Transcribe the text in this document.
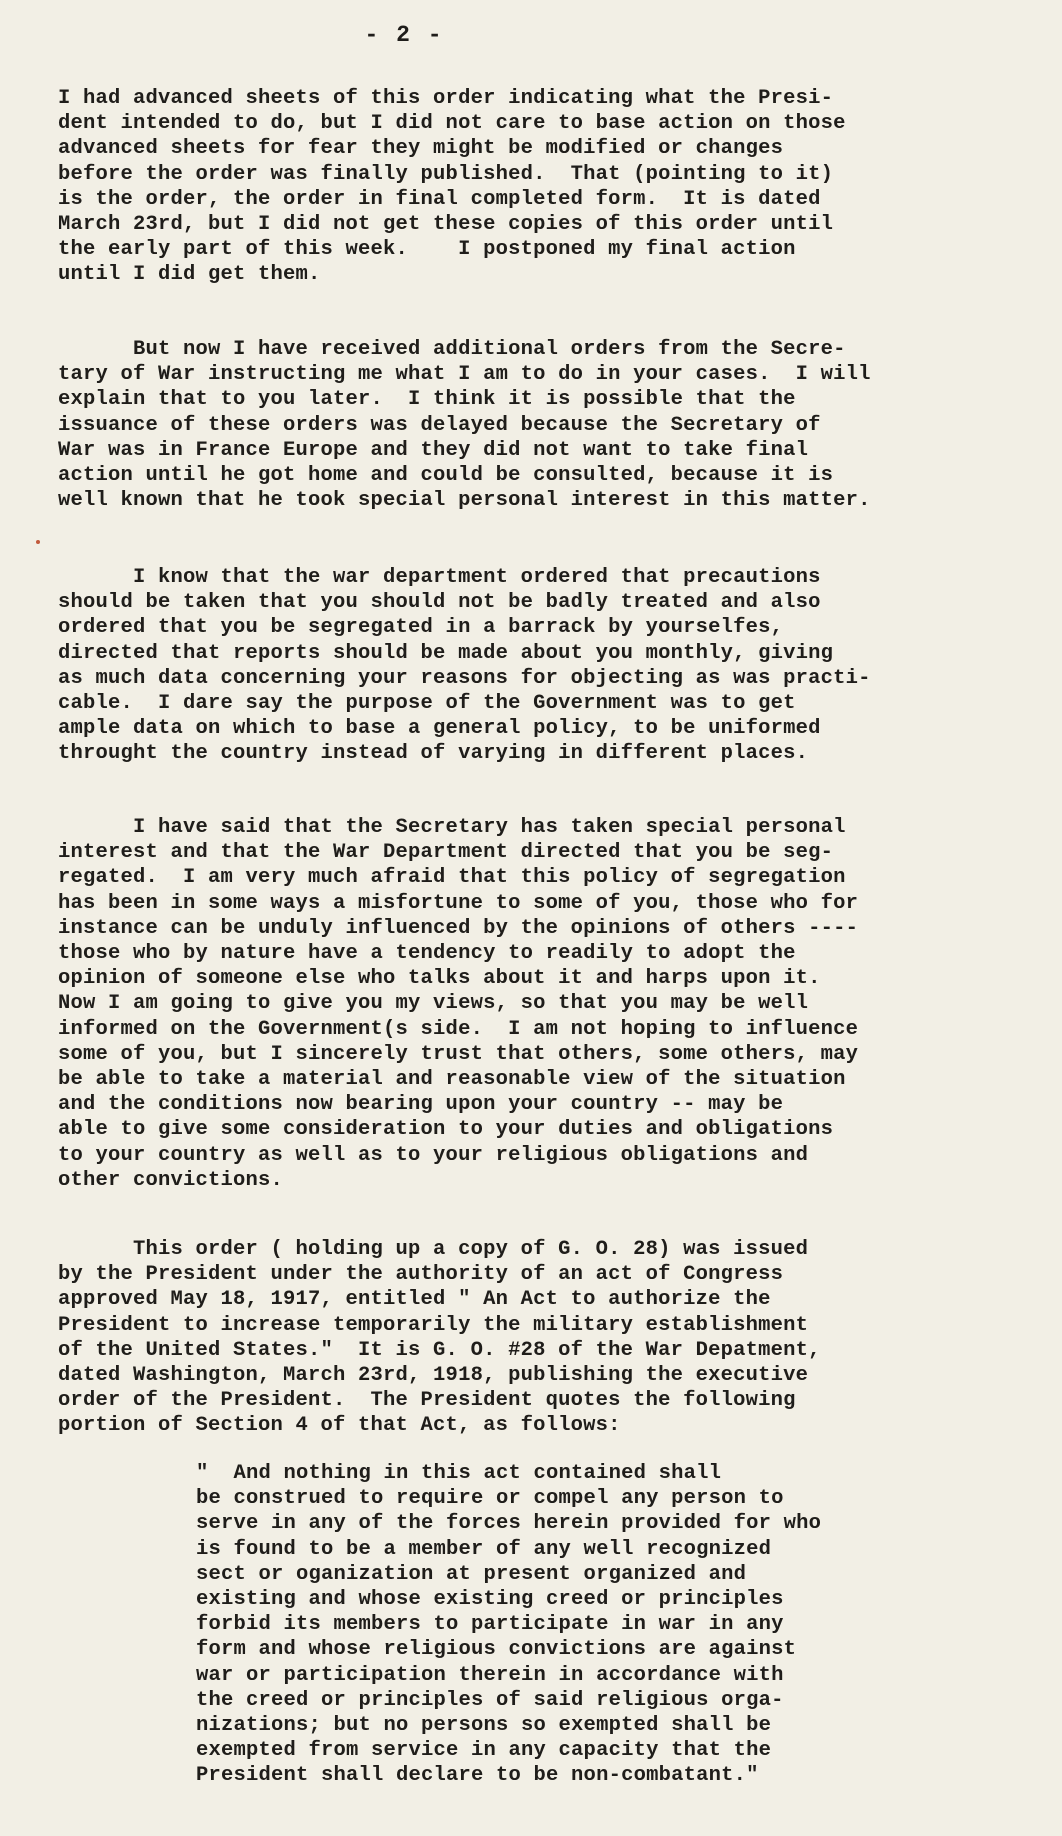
- 2 -

I had advanced sheets of this order indicating what the Presi-
dent intended to do, but I did not care to base action on those
advanced sheets for fear they might be modified or changes
before the order was finally published.  That (pointing to it)
is the order, the order in final completed form.  It is dated
March 23rd, but I did not get these copies of this order until
the early part of this week.    I postponed my final action
until I did get them.

But now I have received additional orders from the Secre-
tary of War instructing me what I am to do in your cases.  I will
explain that to you later.  I think it is possible that the
issuance of these orders was delayed because the Secretary of
War was in France Europe and they did not want to take final
action until he got home and could be consulted, because it is
well known that he took special personal interest in this matter.

I know that the war department ordered that precautions
should be taken that you should not be badly treated and also
ordered that you be segregated in a barrack by yourselfes,
directed that reports should be made about you monthly, giving
as much data concerning your reasons for objecting as was practi-
cable.  I dare say the purpose of the Government was to get
ample data on which to base a general policy, to be uniformed
throught the country instead of varying in different places.

I have said that the Secretary has taken special personal
interest and that the War Department directed that you be seg-
regated.  I am very much afraid that this policy of segregation
has been in some ways a misfortune to some of you, those who for
instance can be unduly influenced by the opinions of others ----
those who by nature have a tendency to readily to adopt the
opinion of someone else who talks about it and harps upon it.
Now I am going to give you my views, so that you may be well
informed on the Government(s side.  I am not hoping to influence
some of you, but I sincerely trust that others, some others, may
be able to take a material and reasonable view of the situation
and the conditions now bearing upon your country -- may be
able to give some consideration to your duties and obligations
to your country as well as to your religious obligations and
other convictions.

This order ( holding up a copy of G. O. 28) was issued
by the President under the authority of an act of Congress
approved May 18, 1917, entitled " An Act to authorize the
President to increase temporarily the military establishment
of the United States."  It is G. O. #28 of the War Depatment,
dated Washington, March 23rd, 1918, publishing the executive
order of the President.  The President quotes the following
portion of Section 4 of that Act, as follows:

"  And nothing in this act contained shall
be construed to require or compel any person to
serve in any of the forces herein provided for who
is found to be a member of any well recognized
sect or oganization at present organized and
existing and whose existing creed or principles
forbid its members to participate in war in any
form and whose religious convictions are against
war or participation therein in accordance with
the creed or principles of said religious orga-
nizations; but no persons so exempted shall be
exempted from service in any capacity that the
President shall declare to be non-combatant."
